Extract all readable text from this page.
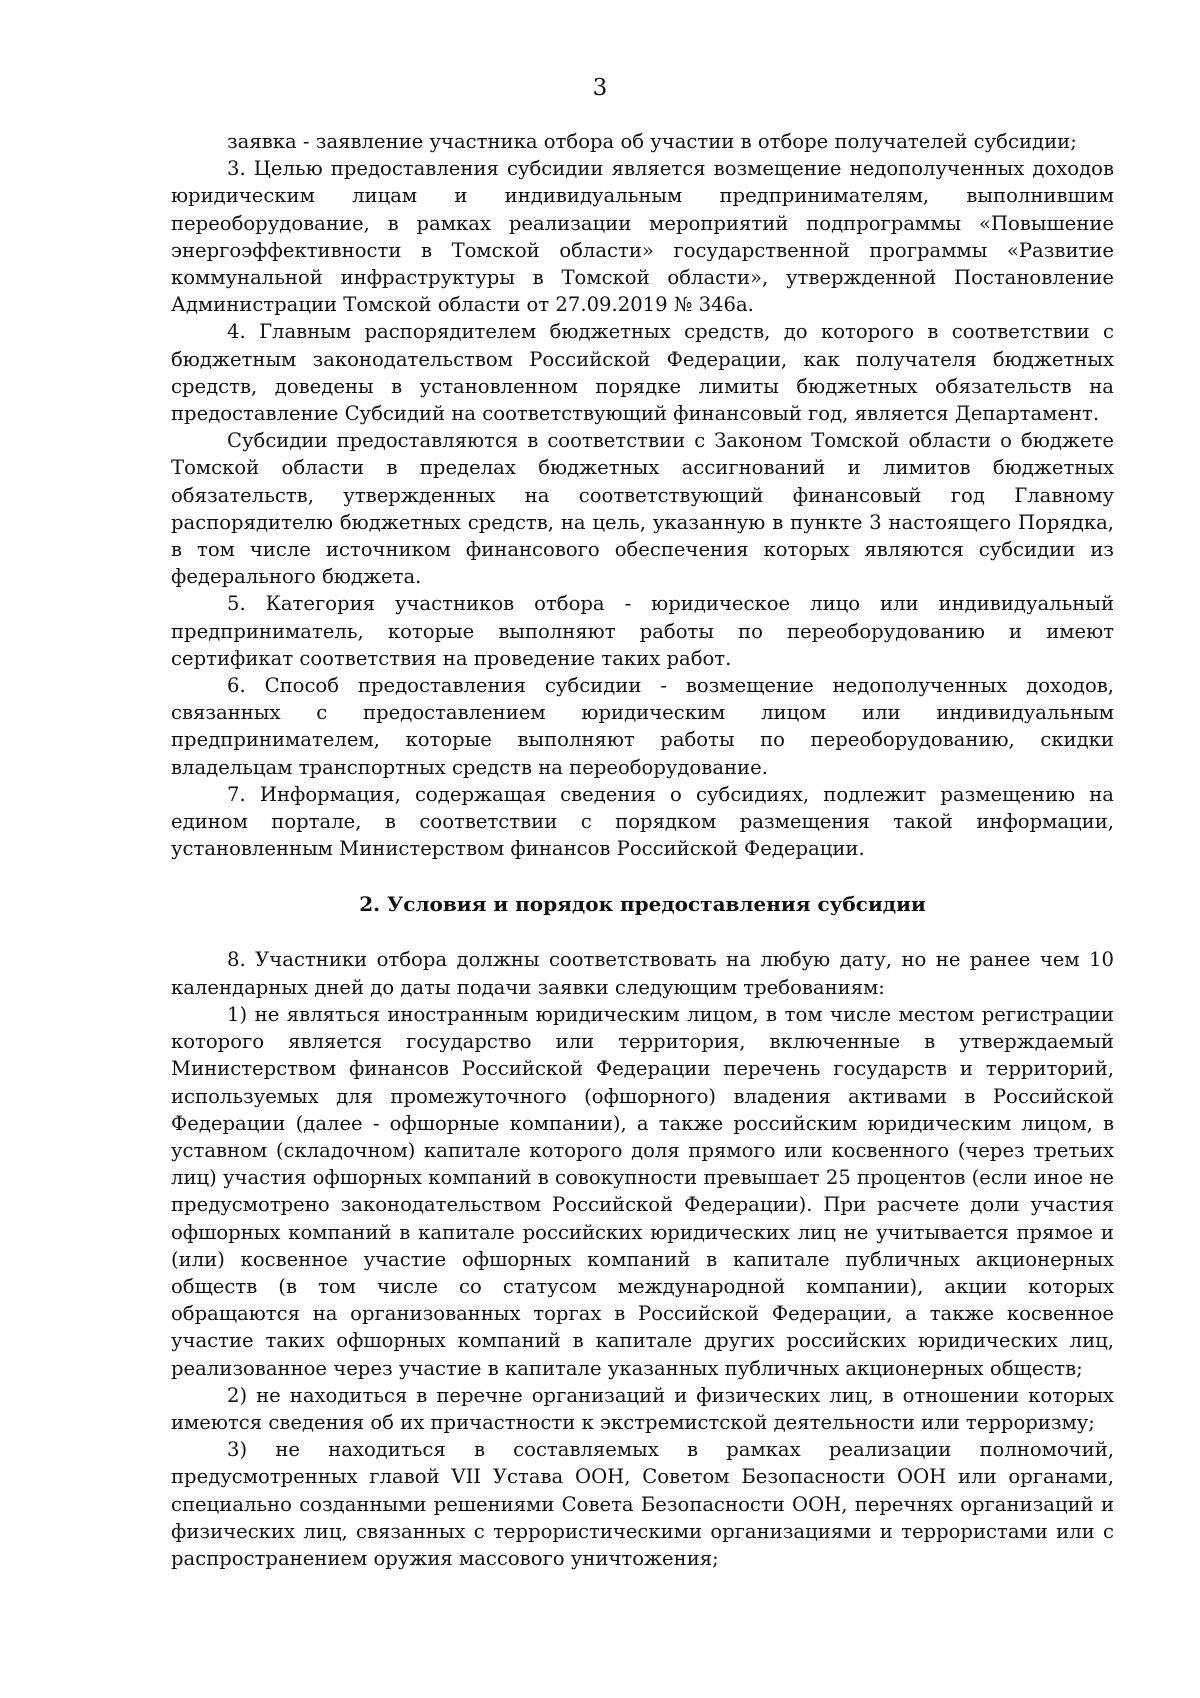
3

заявка - заявление участника отбора об участии в отборе получателей субсидии;

3. Целью предоставления субсидии является возмещение недополученных доходов юридическим лицам и индивидуальным предпринимателям, выполнившим переоборудование, в рамках реализации мероприятий подпрограммы «Повышение энергоэффективности в Томской области» государственной программы «Развитие коммунальной инфраструктуры в Томской области», утвержденной Постановление Администрации Томской области от 27.09.2019 № 346а.

4. Главным распорядителем бюджетных средств, до которого в соответствии с бюджетным законодательством Российской Федерации, как получателя бюджетных средств, доведены в установленном порядке лимиты бюджетных обязательств на предоставление Субсидий на соответствующий финансовый год, является Департамент.

Субсидии предоставляются в соответствии с Законом Томской области о бюджете Томской области в пределах бюджетных ассигнований и лимитов бюджетных обязательств, утвержденных на соответствующий финансовый год Главному распорядителю бюджетных средств, на цель, указанную в пункте 3 настоящего Порядка, в том числе источником финансового обеспечения которых являются субсидии из федерального бюджета.

5. Категория участников отбора - юридическое лицо или индивидуальный предприниматель, которые выполняют работы по переоборудованию и имеют сертификат соответствия на проведение таких работ.

6. Способ предоставления субсидии - возмещение недополученных доходов, связанных с предоставлением юридическим лицом или индивидуальным предпринимателем, которые выполняют работы по переоборудованию, скидки владельцам транспортных средств на переоборудование.

7. Информация, содержащая сведения о субсидиях, подлежит размещению на едином портале, в соответствии с порядком размещения такой информации, установленным Министерством финансов Российской Федерации.

2. Условия и порядок предоставления субсидии

8. Участники отбора должны соответствовать на любую дату, но не ранее чем 10 календарных дней до даты подачи заявки следующим требованиям:

1) не являться иностранным юридическим лицом, в том числе местом регистрации которого является государство или территория, включенные в утверждаемый Министерством финансов Российской Федерации перечень государств и территорий, используемых для промежуточного (офшорного) владения активами в Российской Федерации (далее - офшорные компании), а также российским юридическим лицом, в уставном (складочном) капитале которого доля прямого или косвенного (через третьих лиц) участия офшорных компаний в совокупности превышает 25 процентов (если иное не предусмотрено законодательством Российской Федерации). При расчете доли участия офшорных компаний в капитале российских юридических лиц не учитывается прямое и (или) косвенное участие офшорных компаний в капитале публичных акционерных обществ (в том числе со статусом международной компании), акции которых обращаются на организованных торгах в Российской Федерации, а также косвенное участие таких офшорных компаний в капитале других российских юридических лиц, реализованное через участие в капитале указанных публичных акционерных обществ;

2) не находиться в перечне организаций и физических лиц, в отношении которых имеются сведения об их причастности к экстремистской деятельности или терроризму;

3) не находиться в составляемых в рамках реализации полномочий, предусмотренных главой VII Устава ООН, Советом Безопасности ООН или органами, специально созданными решениями Совета Безопасности ООН, перечнях организаций и физических лиц, связанных с террористическими организациями и террористами или с распространением оружия массового уничтожения;
